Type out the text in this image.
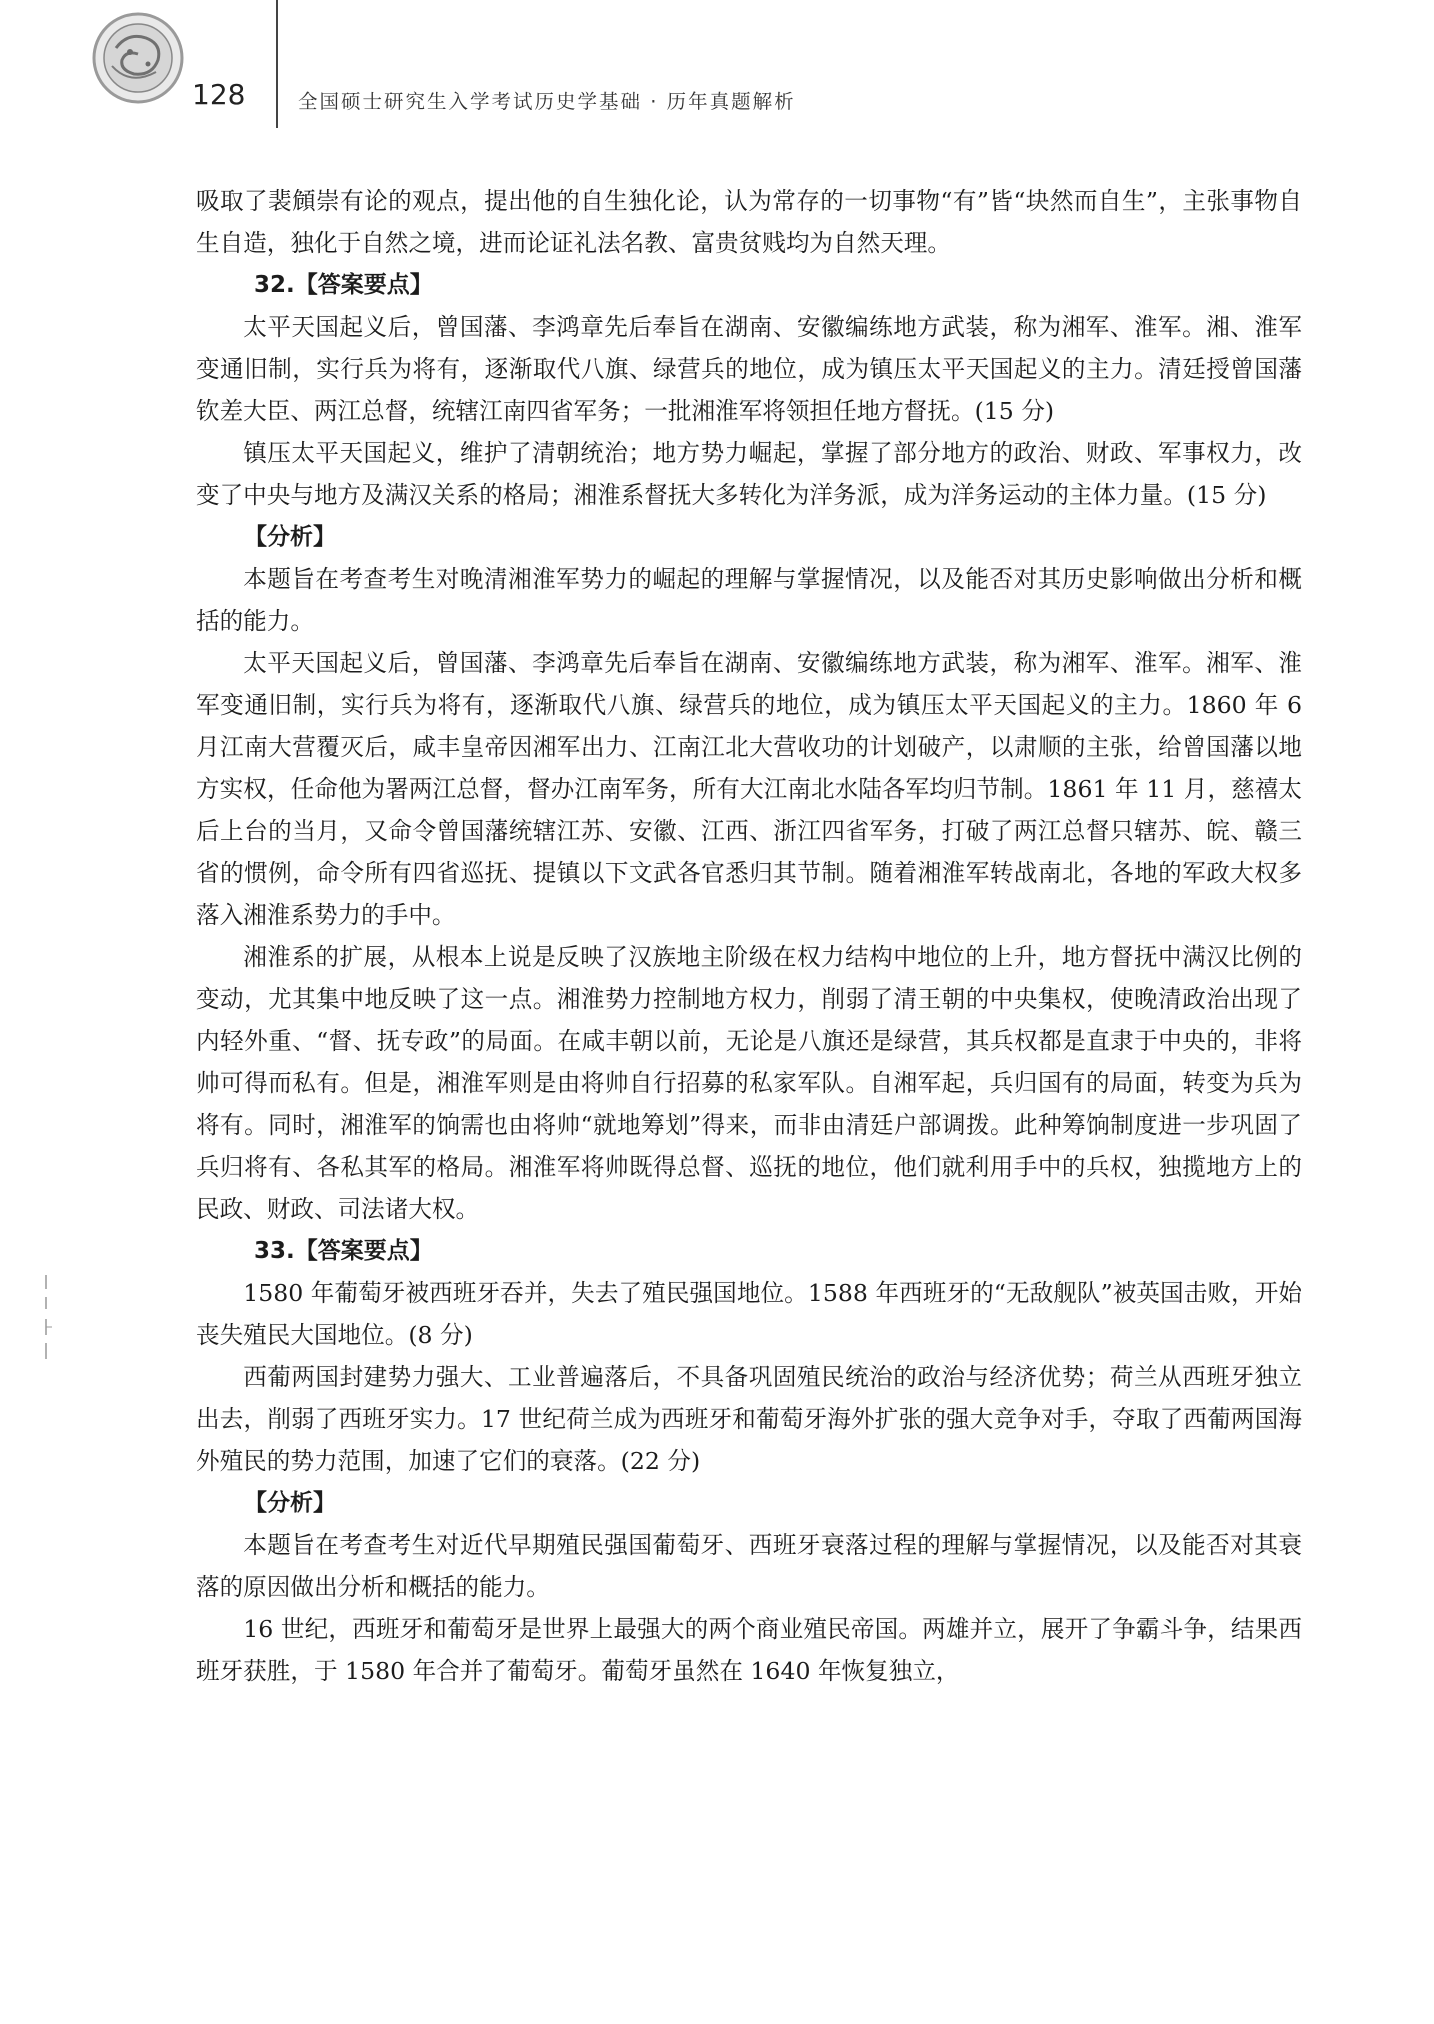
128	全国硕士研究生入学考试历史学基础 · 历年真题解析

吸取了裴頠崇有论的观点，提出他的自生独化论，认为常存的一切事物“有”皆“块然而自生”，主张事物自生自造，独化于自然之境，进而论证礼法名教、富贵贫贱均为自然天理。

32.【答案要点】

太平天国起义后，曾国藩、李鸿章先后奉旨在湖南、安徽编练地方武装，称为湘军、淮军。湘、淮军变通旧制，实行兵为将有，逐渐取代八旗、绿营兵的地位，成为镇压太平天国起义的主力。清廷授曾国藩钦差大臣、两江总督，统辖江南四省军务；一批湘淮军将领担任地方督抚。(15 分)

镇压太平天国起义，维护了清朝统治；地方势力崛起，掌握了部分地方的政治、财政、军事权力，改变了中央与地方及满汉关系的格局；湘淮系督抚大多转化为洋务派，成为洋务运动的主体力量。(15 分)

【分析】

本题旨在考查考生对晚清湘淮军势力的崛起的理解与掌握情况，以及能否对其历史影响做出分析和概括的能力。

太平天国起义后，曾国藩、李鸿章先后奉旨在湖南、安徽编练地方武装，称为湘军、淮军。湘军、淮军变通旧制，实行兵为将有，逐渐取代八旗、绿营兵的地位，成为镇压太平天国起义的主力。1860 年 6 月江南大营覆灭后，咸丰皇帝因湘军出力、江南江北大营收功的计划破产，以肃顺的主张，给曾国藩以地方实权，任命他为署两江总督，督办江南军务，所有大江南北水陆各军均归节制。1861 年 11 月，慈禧太后上台的当月，又命令曾国藩统辖江苏、安徽、江西、浙江四省军务，打破了两江总督只辖苏、皖、赣三省的惯例，命令所有四省巡抚、提镇以下文武各官悉归其节制。随着湘淮军转战南北，各地的军政大权多落入湘淮系势力的手中。

湘淮系的扩展，从根本上说是反映了汉族地主阶级在权力结构中地位的上升，地方督抚中满汉比例的变动，尤其集中地反映了这一点。湘淮势力控制地方权力，削弱了清王朝的中央集权，使晚清政治出现了内轻外重、“督、抚专政”的局面。在咸丰朝以前，无论是八旗还是绿营，其兵权都是直隶于中央的，非将帅可得而私有。但是，湘淮军则是由将帅自行招募的私家军队。自湘军起，兵归国有的局面，转变为兵为将有。同时，湘淮军的饷需也由将帅“就地筹划”得来，而非由清廷户部调拨。此种筹饷制度进一步巩固了兵归将有、各私其军的格局。湘淮军将帅既得总督、巡抚的地位，他们就利用手中的兵权，独揽地方上的民政、财政、司法诸大权。

33.【答案要点】

1580 年葡萄牙被西班牙吞并，失去了殖民强国地位。1588 年西班牙的“无敌舰队”被英国击败，开始丧失殖民大国地位。(8 分)

西葡两国封建势力强大、工业普遍落后，不具备巩固殖民统治的政治与经济优势；荷兰从西班牙独立出去，削弱了西班牙实力。17 世纪荷兰成为西班牙和葡萄牙海外扩张的强大竞争对手，夺取了西葡两国海外殖民的势力范围，加速了它们的衰落。(22 分)

【分析】

本题旨在考查考生对近代早期殖民强国葡萄牙、西班牙衰落过程的理解与掌握情况，以及能否对其衰落的原因做出分析和概括的能力。

16 世纪，西班牙和葡萄牙是世界上最强大的两个商业殖民帝国。两雄并立，展开了争霸斗争，结果西班牙获胜，于 1580 年合并了葡萄牙。葡萄牙虽然在 1640 年恢复独立，
